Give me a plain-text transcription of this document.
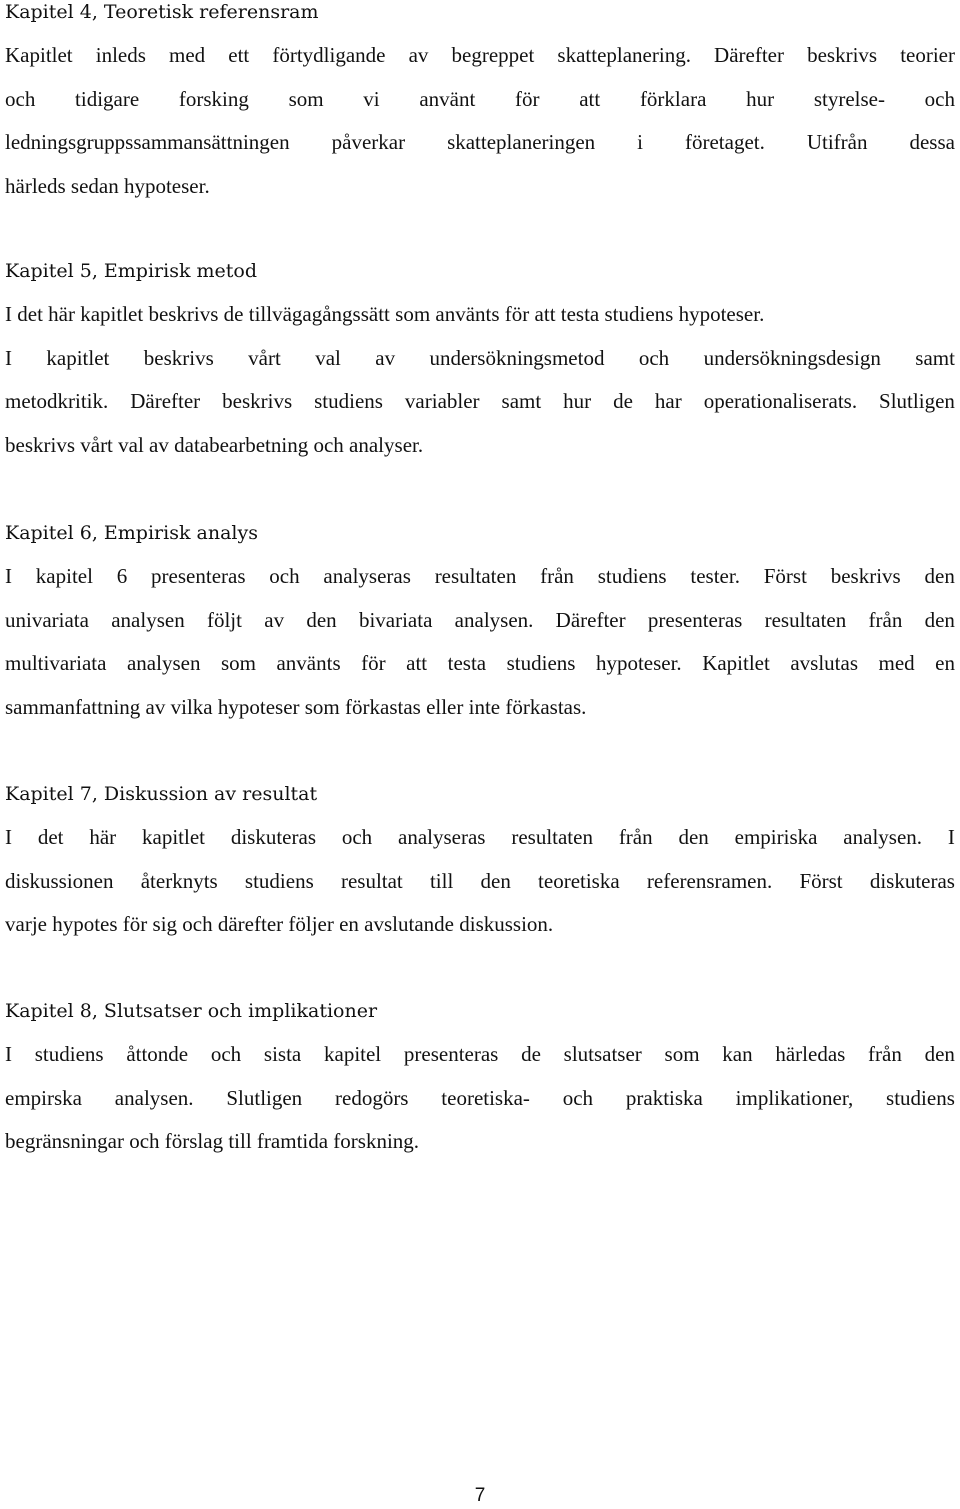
Kapitel 4, Teoretisk referensram

Kapitlet inleds med ett förtydligande av begreppet skatteplanering. Därefter beskrivs teorier
och tidigare forsking som vi använt för att förklara hur styrelse- och
ledningsgruppssammansättningen påverkar skatteplaneringen i företaget. Utifrån dessa
härleds sedan hypoteser.

Kapitel 5, Empirisk metod

I det här kapitlet beskrivs de tillvägagångssätt som använts för att testa studiens hypoteser.
I kapitlet beskrivs vårt val av undersökningsmetod och undersökningsdesign samt
metodkritik. Därefter beskrivs studiens variabler samt hur de har operationaliserats. Slutligen
beskrivs vårt val av databearbetning och analyser.

Kapitel 6, Empirisk analys

I kapitel 6 presenteras och analyseras resultaten från studiens tester. Först beskrivs den
univariata analysen följt av den bivariata analysen. Därefter presenteras resultaten från den
multivariata analysen som använts för att testa studiens hypoteser. Kapitlet avslutas med en
sammanfattning av vilka hypoteser som förkastas eller inte förkastas.

Kapitel 7, Diskussion av resultat

I det här kapitlet diskuteras och analyseras resultaten från den empiriska analysen. I
diskussionen återknyts studiens resultat till den teoretiska referensramen. Först diskuteras
varje hypotes för sig och därefter följer en avslutande diskussion.

Kapitel 8, Slutsatser och implikationer

I studiens åttonde och sista kapitel presenteras de slutsatser som kan härledas från den
empirska analysen. Slutligen redogörs teoretiska- och praktiska implikationer, studiens
begränsningar och förslag till framtida forskning.

7
